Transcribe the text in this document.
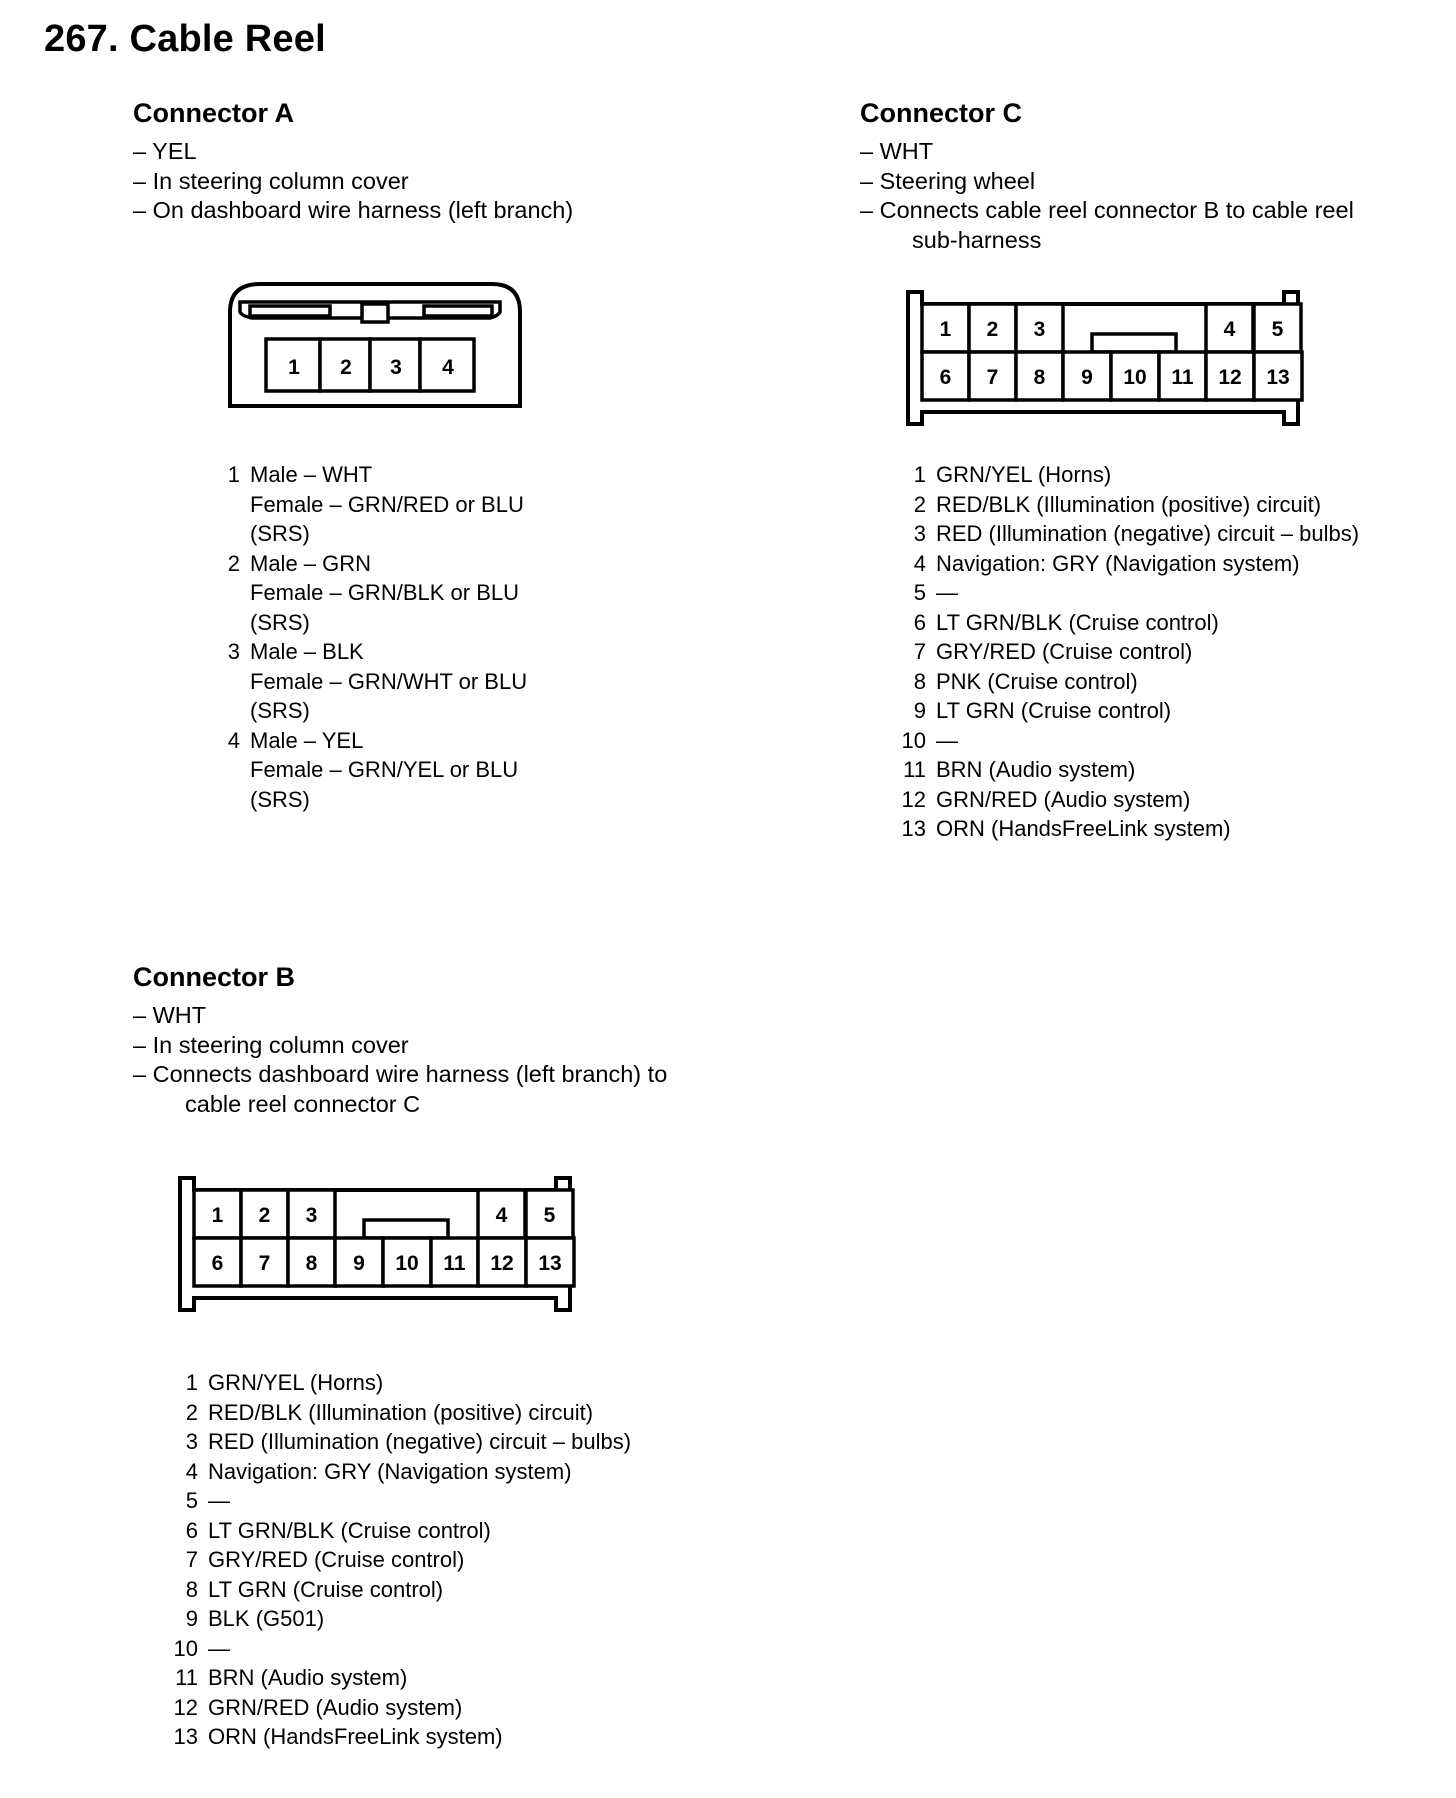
267. Cable Reel
Connector A
– YEL
– In steering column cover
– On dashboard wire harness (left branch)
1 2 3 4
1 Male – WHT
Female – GRN/RED or BLU
(SRS)
2 Male – GRN
Female – GRN/BLK or BLU
(SRS)
3 Male – BLK
Female – GRN/WHT or BLU
(SRS)
4 Male – YEL
Female – GRN/YEL or BLU
(SRS)
Connector C
– WHT
– Steering wheel
– Connects cable reel connector B to cable reel
sub-harness
1 2 3	4 5
6 7 8 9 10 11 12 13
1 GRN/YEL (Horns)
2 RED/BLK (Illumination (positive) circuit)
3 RED (Illumination (negative) circuit – bulbs)
4 Navigation: GRY (Navigation system)
5 —
6 LT GRN/BLK (Cruise control)
7 GRY/RED (Cruise control)
8 PNK (Cruise control)
9 LT GRN (Cruise control)
10 —
11 BRN (Audio system)
12 GRN/RED (Audio system)
13 ORN (HandsFreeLink system)
Connector B
– WHT
– In steering column cover
– Connects dashboard wire harness (left branch) to
cable reel connector C
1 2 3	4 5
6 7 8 9 10 11 12 13
1 GRN/YEL (Horns)
2 RED/BLK (Illumination (positive) circuit)
3 RED (Illumination (negative) circuit – bulbs)
4 Navigation: GRY (Navigation system)
5 —
6 LT GRN/BLK (Cruise control)
7 GRY/RED (Cruise control)
8 LT GRN (Cruise control)
9 BLK (G501)
10 —
11 BRN (Audio system)
12 GRN/RED (Audio system)
13 ORN (HandsFreeLink system)
